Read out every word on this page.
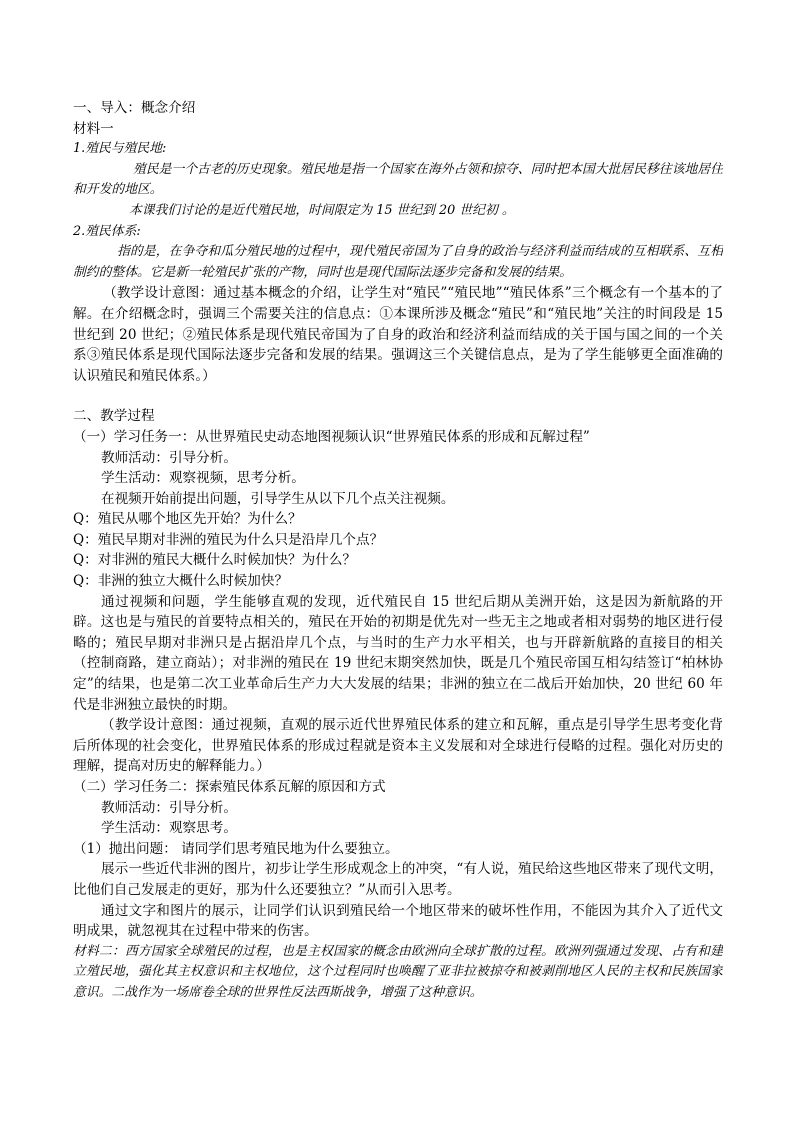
一、导入：概念介绍
材料一
1.殖民与殖民地:
殖民是一个古老的历史现象。殖民地是指一个国家在海外占领和掠夺、同时把本国大批居民移往该地居住和开发的地区。
本课我们讨论的是近代殖民地，时间限定为 15 世纪到 20 世纪初 。
2.殖民体系:
指的是，在争夺和瓜分殖民地的过程中，现代殖民帝国为了自身的政治与经济利益而结成的互相联系、互相制约的整体。它是新一轮殖民扩张的产物，同时也是现代国际法逐步完备和发展的结果。
（教学设计意图：通过基本概念的介绍，让学生对“殖民”“殖民地”“殖民体系”三个概念有一个基本的了解。在介绍概念时，强调三个需要关注的信息点：①本课所涉及概念“殖民”和“殖民地”关注的时间段是 15 世纪到 20 世纪；②殖民体系是现代殖民帝国为了自身的政治和经济利益而结成的关于国与国之间的一个关系③殖民体系是现代国际法逐步完备和发展的结果。强调这三个关键信息点，是为了学生能够更全面准确的认识殖民和殖民体系。）
二、教学过程
（一）学习任务一：从世界殖民史动态地图视频认识“世界殖民体系的形成和瓦解过程”
教师活动：引导分析。
学生活动：观察视频，思考分析。
在视频开始前提出问题，引导学生从以下几个点关注视频。
Q：殖民从哪个地区先开始？为什么？
Q：殖民早期对非洲的殖民为什么只是沿岸几个点？
Q：对非洲的殖民大概什么时候加快？为什么？
Q：非洲的独立大概什么时候加快？
通过视频和问题，学生能够直观的发现，近代殖民自 15 世纪后期从美洲开始，这是因为新航路的开辟。这也是与殖民的首要特点相关的，殖民在开始的初期是优先对一些无主之地或者相对弱势的地区进行侵略的；殖民早期对非洲只是占据沿岸几个点，与当时的生产力水平相关，也与开辟新航路的直接目的相关（控制商路，建立商站）；对非洲的殖民在 19 世纪末期突然加快，既是几个殖民帝国互相勾结签订“柏林协定”的结果，也是第二次工业革命后生产力大大发展的结果；非洲的独立在二战后开始加快，20 世纪 60 年代是非洲独立最快的时期。
（教学设计意图：通过视频，直观的展示近代世界殖民体系的建立和瓦解，重点是引导学生思考变化背后所体现的社会变化，世界殖民体系的形成过程就是资本主义发展和对全球进行侵略的过程。强化对历史的理解，提高对历史的解释能力。）
（二）学习任务二：探索殖民体系瓦解的原因和方式
教师活动：引导分析。
学生活动：观察思考。
（1）抛出问题： 请同学们思考殖民地为什么要独立。
展示一些近代非洲的图片，初步让学生形成观念上的冲突，“有人说，殖民给这些地区带来了现代文明，比他们自己发展走的更好，那为什么还要独立？”从而引入思考。
通过文字和图片的展示，让同学们认识到殖民给一个地区带来的破坏性作用，不能因为其介入了近代文明成果，就忽视其在过程中带来的伤害。
材料二：西方国家全球殖民的过程，也是主权国家的概念由欧洲向全球扩散的过程。欧洲列强通过发现、占有和建立殖民地，强化其主权意识和主权地位，这个过程同时也唤醒了亚非拉被掠夺和被剥削地区人民的主权和民族国家意识。二战作为一场席卷全球的世界性反法西斯战争，增强了这种意识。
